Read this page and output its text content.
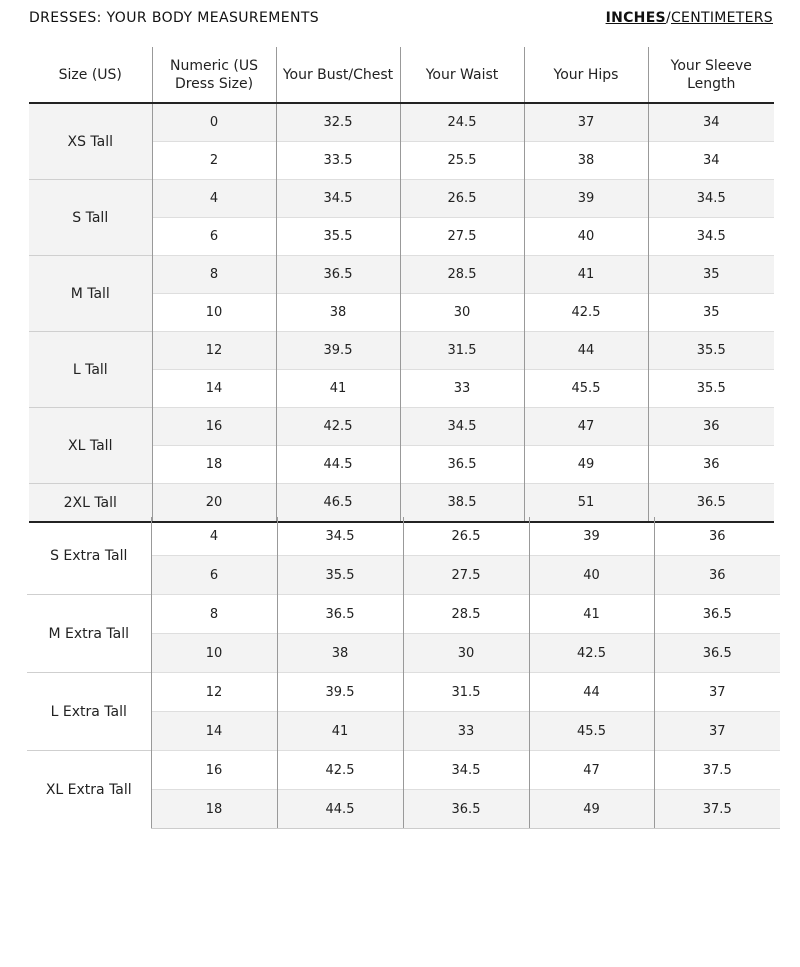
DRESSES: YOUR BODY MEASUREMENTS	INCHES/CENTIMETERS
Size (US)	Numeric (US Dress Size)	Your Bust/Chest	Your Waist	Your Hips	Your Sleeve Length
XS Tall	0	32.5	24.5	37	34
	2	33.5	25.5	38	34
S Tall	4	34.5	26.5	39	34.5
	6	35.5	27.5	40	34.5
M Tall	8	36.5	28.5	41	35
	10	38	30	42.5	35
L Tall	12	39.5	31.5	44	35.5
	14	41	33	45.5	35.5
XL Tall	16	42.5	34.5	47	36
	18	44.5	36.5	49	36
2XL Tall	20	46.5	38.5	51	36.5
S Extra Tall	4	34.5	26.5	39	36
	6	35.5	27.5	40	36
M Extra Tall	8	36.5	28.5	41	36.5
	10	38	30	42.5	36.5
L Extra Tall	12	39.5	31.5	44	37
	14	41	33	45.5	37
XL Extra Tall	16	42.5	34.5	47	37.5
	18	44.5	36.5	49	37.5
